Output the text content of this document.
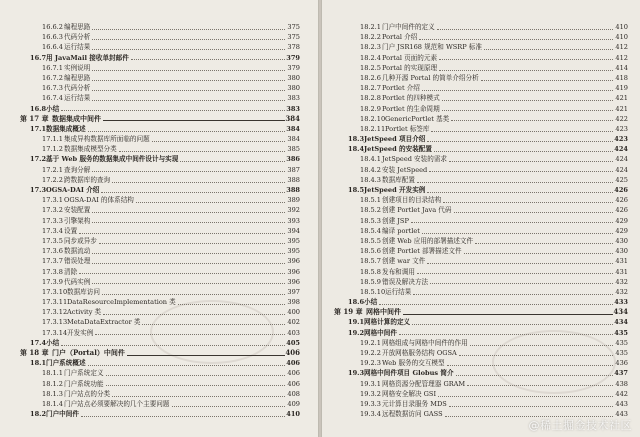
16.6.2 编程思路	375
16.6.3 代码分析	375
16.6.4 运行结果	378
16.7 用 JavaMail 接收单封邮件	379
16.7.1 实例说明	379
16.7.2 编程思路	380
16.7.3 代码分析	380
16.7.4 运行结果	383
16.8 小结	383
第 17 章 数据集成中间件	384
17.1 数据集成概述	384
17.1.1 集成异构数据库所面临的问题	384
17.1.2 数据集成模型分类	385
17.2 基于 Web 服务的数据集成中间件设计与实现	386
17.2.1 查询分解	387
17.2.2 跨数据库的查询	388
17.3 OGSA-DAI 介绍	388
17.3.1 OGSA-DAI 的体系结构	389
17.3.2 安装配置	392
17.3.3 引擎架构	393
17.3.4 设置	394
17.3.5 同步或异步	395
17.3.6 数据流动	395
17.3.7 错误处理	396
17.3.8 清除	396
17.3.9 代码实例	396
17.3.10 数据库访问	397
17.3.11 DataResourceImplementation 类	398
17.3.12 Activity 类	400
17.3.13 MetaDataExtractor 类	402
17.3.14 开发实例	403
17.4 小结	405
第 18 章 门户（Portal）中间件	406
18.1 门户系统概述	406
18.1.1 门户系统定义	406
18.1.2 门户系统功能	406
18.1.3 门户站点的分类	408
18.1.4 门户站点必须要解决的几个主要问题	409
18.2 门户中间件	410
18.2.1 门户中间件的定义	410
18.2.2 Portal 介绍	410
18.2.3 门户 JSR168 规范和 WSRP 标准	412
18.2.4 Portal 页面的元素	412
18.2.5 Portal 的实现原理	414
18.2.6 几种开源 Portal 的简单介绍分析	418
18.2.7 Portlet 介绍	419
18.2.8 Portlet 的四种模式	421
18.2.9 Portlet 的生命周期	421
18.2.10 GenericPortlet 基类	422
18.2.11 Portlet 标签库	423
18.3 JetSpeed 项目介绍	423
18.4 JetSpeed 的安装配置	424
18.4.1 JetSpeed 安装的需求	424
18.4.2 安装 JetSpeed	424
18.4.3 数据库配置	425
18.5 JetSpeed 开发实例	426
18.5.1 创建项目的目录结构	426
18.5.2 创建 Portlet Java 代码	426
18.5.3 创建 JSP	429
18.5.4 编译 portlet	429
18.5.5 创建 Web 应用的部署描述文件	430
18.5.6 创建 Portlet 部署描述文件	430
18.5.7 创建 war 文件	431
18.5.8 发布和调用	431
18.5.9 错误及解决方法	432
18.5.10 运行结果	432
18.6 小结	433
第 19 章 网格中间件	434
19.1 网格计算的定义	434
19.2 网格中间件	435
19.2.1 网格组成与网格中间件的作用	435
19.2.2 开放网格服务结构 OGSA	435
19.2.3 Web 服务的交互模型	436
19.3 网格中间件项目 Globus 简介	437
19.3.1 网格资源分配管理器 GRAM	438
19.3.2 网格安全解决 GSI	442
19.3.3 元计算目录服务 MDS	443
19.3.4 远程数据访问 GASS	443
@稀土掘金技术社区
